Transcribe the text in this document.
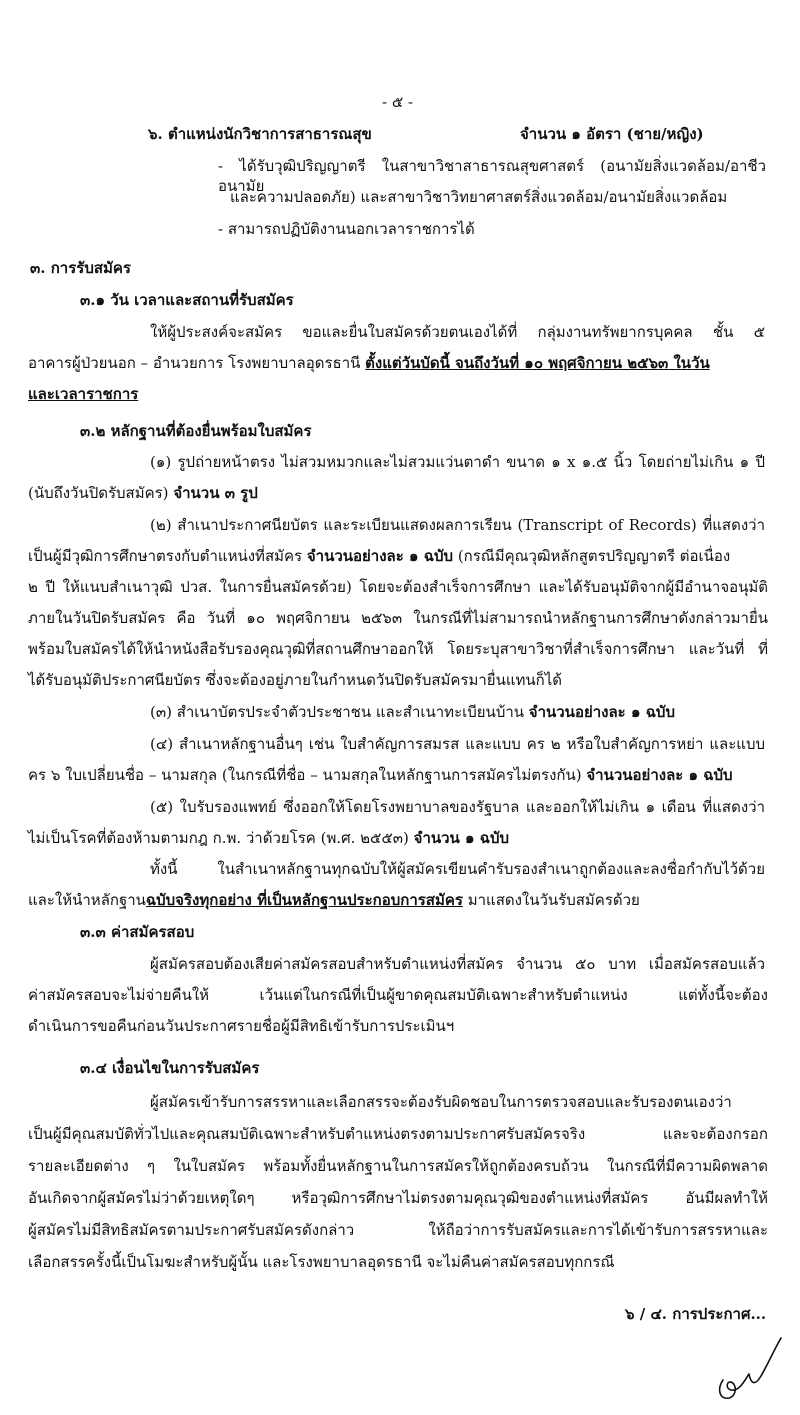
- ๕ -
๖. ตำแหน่งนักวิชาการสาธารณสุข	จำนวน ๑ อัตรา (ชาย/หญิง)
- ได้รับวุฒิปริญญาตรี ในสาขาวิชาสาธารณสุขศาสตร์ (อนามัยสิ่งแวดล้อม/อาชีวอนามัย
และความปลอดภัย) และสาขาวิชาวิทยาศาสตร์สิ่งแวดล้อม/อนามัยสิ่งแวดล้อม
- สามารถปฏิบัติงานนอกเวลาราชการได้
๓. การรับสมัคร
๓.๑ วัน เวลาและสถานที่รับสมัคร
ให้ผู้ประสงค์จะสมัคร ขอและยื่นใบสมัครด้วยตนเองได้ที่ กลุ่มงานทรัพยากรบุคคล ชั้น ๕
อาคารผู้ป่วยนอก – อำนวยการ โรงพยาบาลอุดรธานี ตั้งแต่วันบัดนี้ จนถึงวันที่ ๑๐ พฤศจิกายน ๒๕๖๓ ในวัน
และเวลาราชการ
๓.๒ หลักฐานที่ต้องยื่นพร้อมใบสมัคร
(๑) รูปถ่ายหน้าตรง ไม่สวมหมวกและไม่สวมแว่นตาดำ ขนาด ๑ x ๑.๕ นิ้ว โดยถ่ายไม่เกิน ๑ ปี
(นับถึงวันปิดรับสมัคร) จำนวน ๓ รูป
(๒) สำเนาประกาศนียบัตร และระเบียนแสดงผลการเรียน (Transcript of Records) ที่แสดงว่า
เป็นผู้มีวุฒิการศึกษาตรงกับตำแหน่งที่สมัคร จำนวนอย่างละ ๑ ฉบับ (กรณีมีคุณวุฒิหลักสูตรปริญญาตรี ต่อเนื่อง
๒ ปี ให้แนบสำเนาวุฒิ ปวส. ในการยื่นสมัครด้วย) โดยจะต้องสำเร็จการศึกษา และได้รับอนุมัติจากผู้มีอำนาจอนุมัติ
ภายในวันปิดรับสมัคร คือ วันที่ ๑๐ พฤศจิกายน ๒๕๖๓ ในกรณีที่ไม่สามารถนำหลักฐานการศึกษาดังกล่าวมายื่น
พร้อมใบสมัครได้ให้นำหนังสือรับรองคุณวุฒิที่สถานศึกษาออกให้ โดยระบุสาขาวิชาที่สำเร็จการศึกษา และวันที่ ที่
ได้รับอนุมัติประกาศนียบัตร ซึ่งจะต้องอยู่ภายในกำหนดวันปิดรับสมัครมายื่นแทนก็ได้
(๓) สำเนาบัตรประจำตัวประชาชน และสำเนาทะเบียนบ้าน จำนวนอย่างละ ๑ ฉบับ
(๔) สำเนาหลักฐานอื่นๆ เช่น ใบสำคัญการสมรส และแบบ คร ๒ หรือใบสำคัญการหย่า และแบบ
คร ๖ ใบเปลี่ยนชื่อ – นามสกุล (ในกรณีที่ชื่อ – นามสกุลในหลักฐานการสมัครไม่ตรงกัน) จำนวนอย่างละ ๑ ฉบับ
(๕) ใบรับรองแพทย์ ซึ่งออกให้โดยโรงพยาบาลของรัฐบาล และออกให้ไม่เกิน ๑ เดือน ที่แสดงว่า
ไม่เป็นโรคที่ต้องห้ามตามกฎ ก.พ. ว่าด้วยโรค (พ.ศ. ๒๕๕๓) จำนวน ๑ ฉบับ
ทั้งนี้ ในสำเนาหลักฐานทุกฉบับให้ผู้สมัครเขียนคำรับรองสำเนาถูกต้องและลงชื่อกำกับไว้ด้วย
และให้นำหลักฐานฉบับจริงทุกอย่าง ที่เป็นหลักฐานประกอบการสมัคร มาแสดงในวันรับสมัครด้วย
๓.๓ ค่าสมัครสอบ
ผู้สมัครสอบต้องเสียค่าสมัครสอบสำหรับตำแหน่งที่สมัคร จำนวน ๕๐ บาท เมื่อสมัครสอบแล้ว
ค่าสมัครสอบจะไม่จ่ายคืนให้ เว้นแต่ในกรณีที่เป็นผู้ขาดคุณสมบัติเฉพาะสำหรับตำแหน่ง แต่ทั้งนี้จะต้อง
ดำเนินการขอคืนก่อนวันประกาศรายชื่อผู้มีสิทธิเข้ารับการประเมินฯ
๓.๔ เงื่อนไขในการรับสมัคร
ผู้สมัครเข้ารับการสรรหาและเลือกสรรจะต้องรับผิดชอบในการตรวจสอบและรับรองตนเองว่า
เป็นผู้มีคุณสมบัติทั่วไปและคุณสมบัติเฉพาะสำหรับตำแหน่งตรงตามประกาศรับสมัครจริง และจะต้องกรอก
รายละเอียดต่าง ๆ ในใบสมัคร พร้อมทั้งยื่นหลักฐานในการสมัครให้ถูกต้องครบถ้วน ในกรณีที่มีความผิดพลาด
อันเกิดจากผู้สมัครไม่ว่าด้วยเหตุใดๆ หรือวุฒิการศึกษาไม่ตรงตามคุณวุฒิของตำแหน่งที่สมัคร อันมีผลทำให้
ผู้สมัครไม่มีสิทธิสมัครตามประกาศรับสมัครดังกล่าว ให้ถือว่าการรับสมัครและการได้เข้ารับการสรรหาและ
เลือกสรรครั้งนี้เป็นโมฆะสำหรับผู้นั้น และโรงพยาบาลอุดรธานี จะไม่คืนค่าสมัครสอบทุกกรณี
๖ / ๔. การประกาศ...
